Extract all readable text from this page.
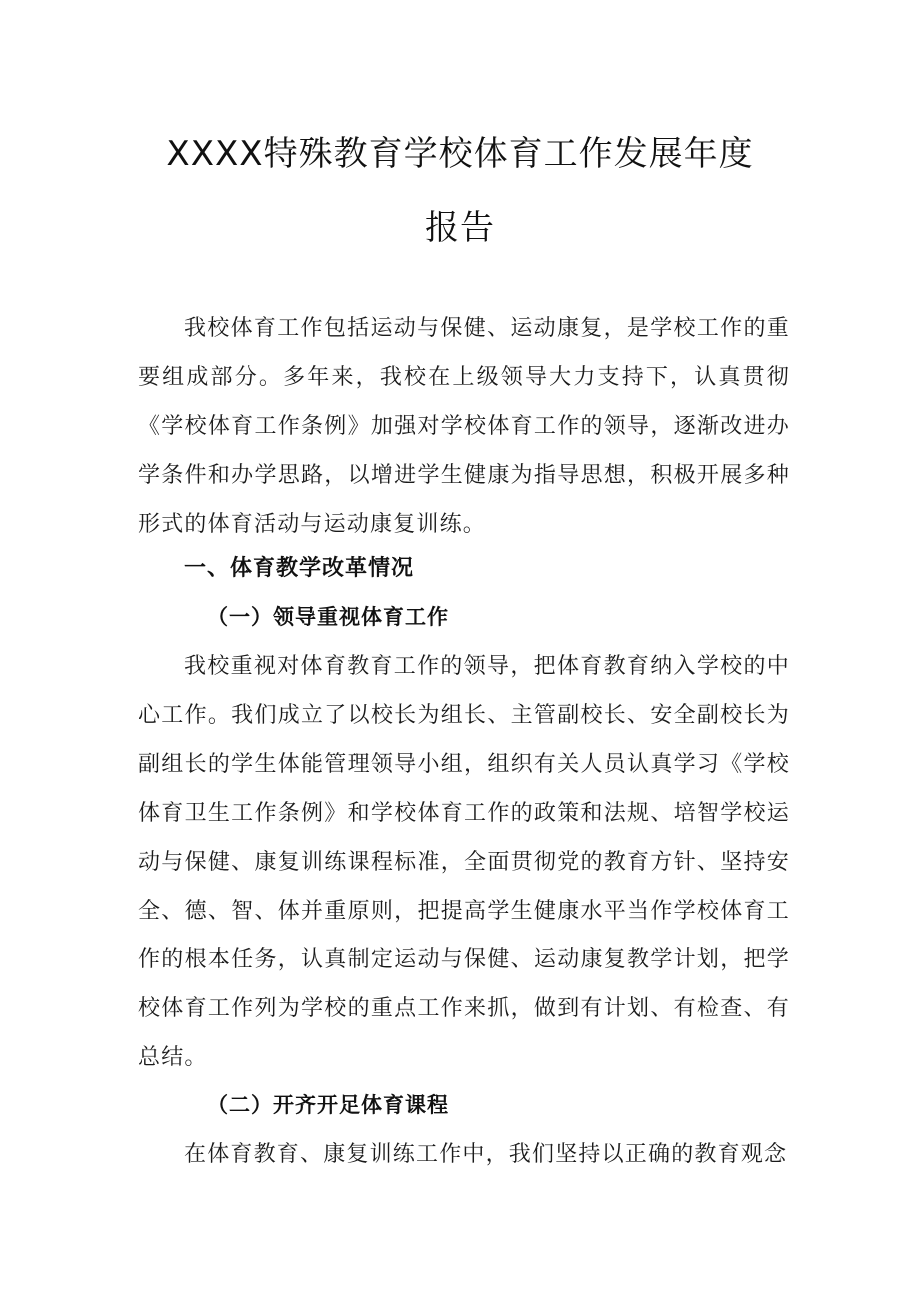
XXXX特殊教育学校体育工作发展年度
报告

我校体育工作包括运动与保健、运动康复，是学校工作的重要组成部分。多年来，我校在上级领导大力支持下，认真贯彻《学校体育工作条例》加强对学校体育工作的领导，逐渐改进办学条件和办学思路，以增进学生健康为指导思想，积极开展多种形式的体育活动与运动康复训练。

一、体育教学改革情况
（一）领导重视体育工作

我校重视对体育教育工作的领导，把体育教育纳入学校的中心工作。我们成立了以校长为组长、主管副校长、安全副校长为副组长的学生体能管理领导小组，组织有关人员认真学习《学校体育卫生工作条例》和学校体育工作的政策和法规、培智学校运动与保健、康复训练课程标准，全面贯彻党的教育方针、坚持安全、德、智、体并重原则，把提高学生健康水平当作学校体育工作的根本任务，认真制定运动与保健、运动康复教学计划，把学校体育工作列为学校的重点工作来抓，做到有计划、有检查、有总结。

（二）开齐开足体育课程

在体育教育、康复训练工作中，我们坚持以正确的教育观念
